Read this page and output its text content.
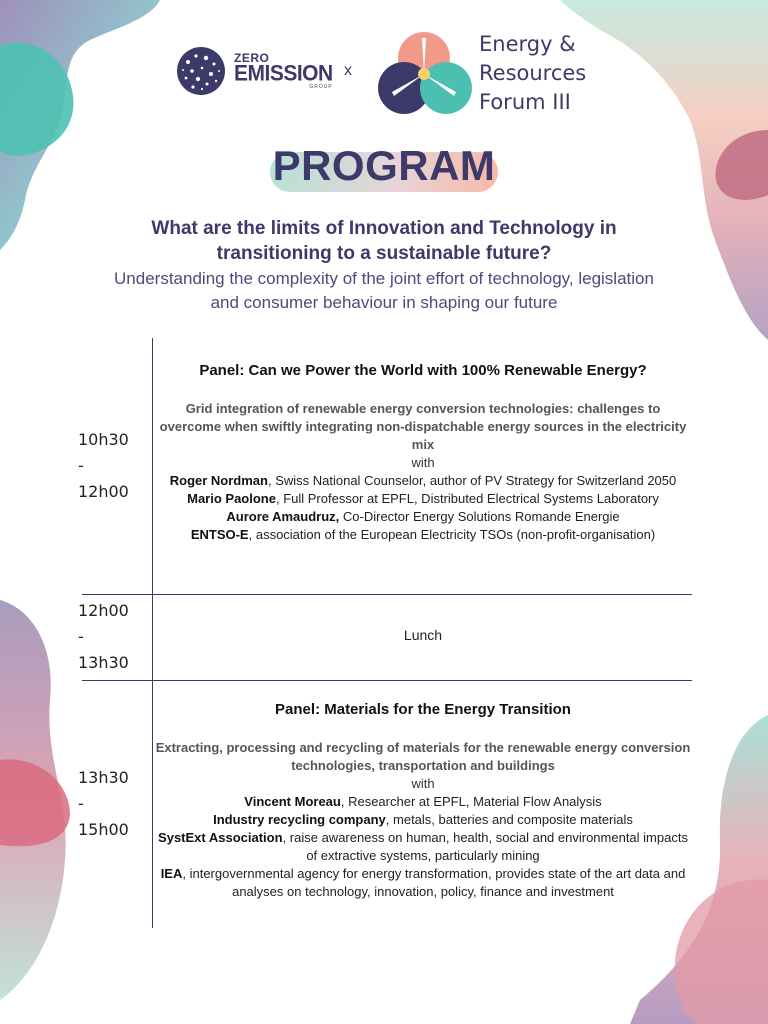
ZERO
EMISSION
GROUP
x
Energy &
Resources
Forum III
PROGRAM
What are the limits of Innovation and Technology in transitioning to a sustainable future?
Understanding the complexity of the joint effort of technology, legislation and consumer behaviour in shaping our future
10h30
-
12h00
Panel: Can we Power the World with 100% Renewable Energy?
Grid integration of renewable energy conversion technologies: challenges to overcome when swiftly integrating non-dispatchable energy sources in the electricity mix
with
Roger Nordman, Swiss National Counselor, author of PV Strategy for Switzerland 2050
Mario Paolone, Full Professor at EPFL, Distributed Electrical Systems Laboratory
Aurore Amaudruz, Co-Director Energy Solutions Romande Energie
ENTSO-E, association of the European Electricity TSOs (non-profit-organisation)
12h00
-
13h30
Lunch
13h30
-
15h00
Panel: Materials for the Energy Transition
Extracting, processing and recycling of materials for the renewable energy conversion technologies, transportation and buildings
with
Vincent Moreau, Researcher at EPFL, Material Flow Analysis
Industry recycling company, metals, batteries and composite materials
SystExt Association, raise awareness on human, health, social and environmental impacts of extractive systems, particularly mining
IEA, intergovernmental agency for energy transformation, provides state of the art data and analyses on technology, innovation, policy, finance and investment
